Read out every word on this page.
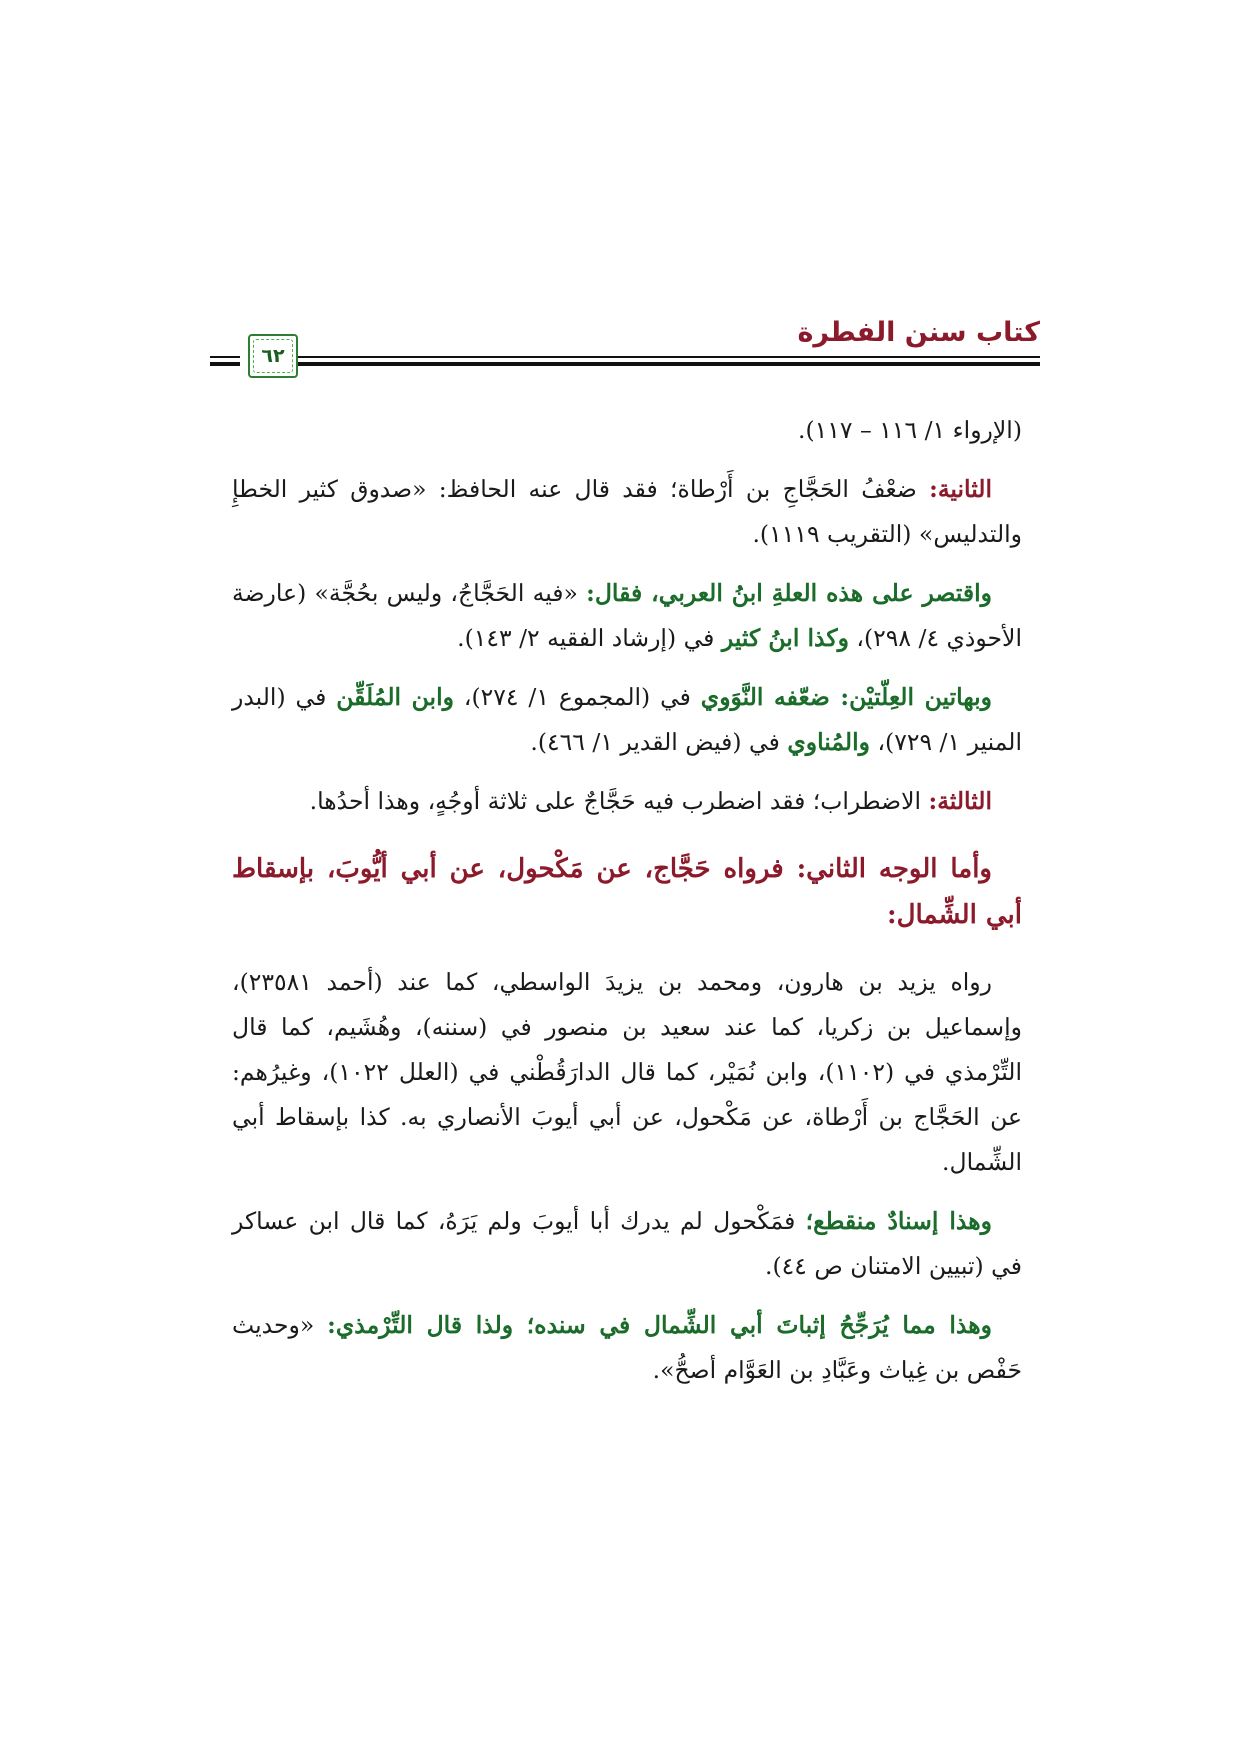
كتاب سنن الفطرة
٦٢

(الإرواء ١/ ١١٦ – ١١٧).

الثانية: ضعْفُ الحَجَّاجِ بن أَرْطاة؛ فقد قال عنه الحافظ: «صدوق كثير الخطإِ والتدليس» (التقريب ١١١٩).

واقتصر على هذه العلةِ ابنُ العربي، فقال: «فيه الحَجَّاجُ، وليس بحُجَّة» (عارضة الأحوذي ٤/ ٢٩٨)، وكذا ابنُ كثير في (إرشاد الفقيه ٢/ ١٤٣).

وبهاتين العِلّتيْن: ضعّفه النَّوَوي في (المجموع ١/ ٢٧٤)، وابن المُلَقِّن في (البدر المنير ١/ ٧٢٩)، والمُناوي في (فيض القدير ١/ ٤٦٦).

الثالثة: الاضطراب؛ فقد اضطرب فيه حَجَّاجٌ على ثلاثة أوجُهٍ، وهذا أحدُها.

وأما الوجه الثاني: فرواه حَجَّاج، عن مَكْحول، عن أبي أيُّوبَ، بإسقاط أبي الشِّمال:

رواه يزيد بن هارون، ومحمد بن يزيدَ الواسطي، كما عند (أحمد ٢٣٥٨١)، وإسماعيل بن زكريا، كما عند سعيد بن منصور في (سننه)، وهُشَيم، كما قال التِّرْمذي في (١١٠٢)، وابن نُمَيْر، كما قال الدارَقُطْني في (العلل ١٠٢٢)، وغيرُهم: عن الحَجَّاج بن أَرْطاة، عن مَكْحول، عن أبي أيوبَ الأنصاري به. كذا بإسقاط أبي الشِّمال.

وهذا إسنادٌ منقطع؛ فمَكْحول لم يدرك أبا أيوبَ ولم يَرَهُ، كما قال ابن عساكر في (تبيين الامتنان ص ٤٤).

وهذا مما يُرَجِّحُ إثباتَ أبي الشِّمال في سنده؛ ولذا قال التِّرْمذي: «وحديث حَفْص بن غِياث وعَبَّادِ بن العَوَّام أصحُّ».
